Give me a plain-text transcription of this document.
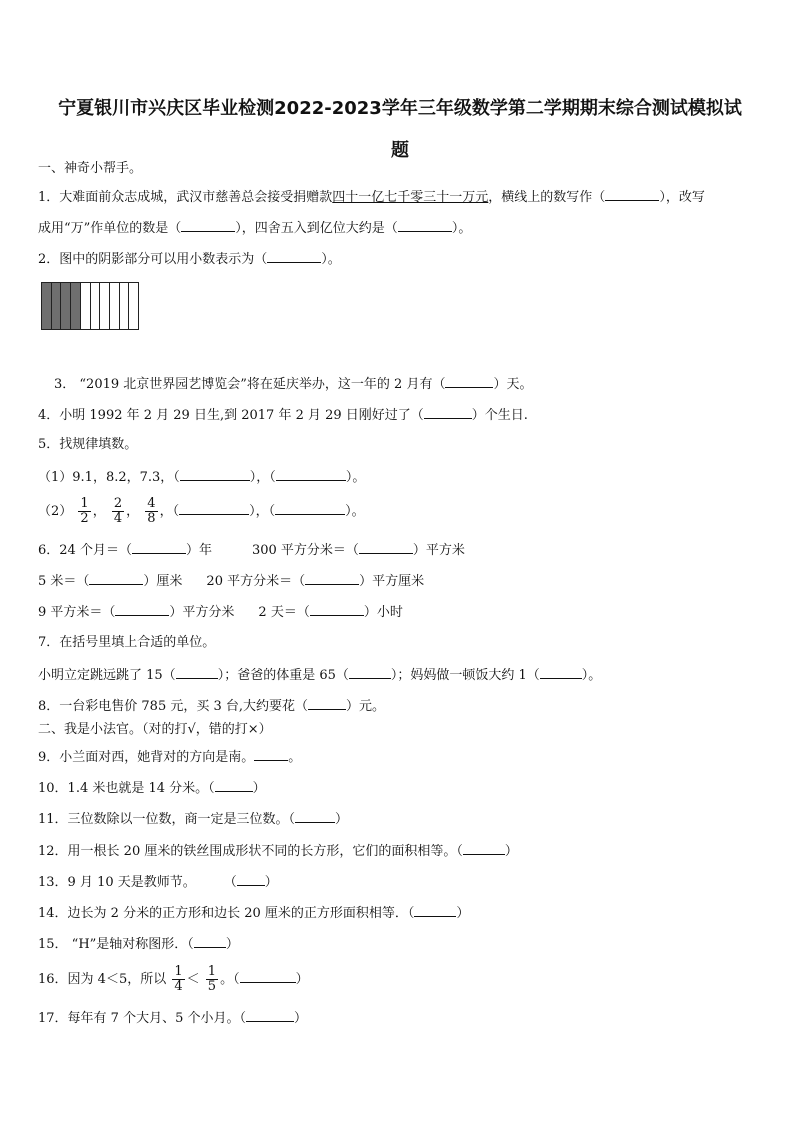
宁夏银川市兴庆区毕业检测2022-2023学年三年级数学第二学期期末综合测试模拟试
题
一、神奇小帮手。
1．大难面前众志成城，武汉市慈善总会接受捐赠款四十一亿七千零三十一万元，横线上的数写作（	），改写
成用“万”作单位的数是（	），四舍五入到亿位大约是（	）。
2．图中的阴影部分可以用小数表示为（	）。
3． “2019 北京世界园艺博览会”将在延庆举办，这一年的 2 月有（	）天。
4．小明 1992 年 2 月 29 日生,到 2017 年 2 月 29 日刚好过了（	）个生日.
5．找规律填数。
（1）9.1，8.2，7.3，（	），（	）。
$(2) \frac{1}{2}$ ， $\frac{2}{4}$ ， $\frac{4}{8}$ ，（	），（	）。
6．24 个月＝（	）年	300 平方分米＝（	）平方米
5 米＝（	）厘米 20 平方分米＝（	）平方厘米
9 平方米＝（	）平方分米 2 天＝（	）小时
7．在括号里填上合适的单位。
小明立定跳远跳了 15（	）；爸爸的体重是 65（	）；妈妈做一顿饭大约 1（	）。
8．一台彩电售价 785 元，买 3 台,大约要花（	）元。
二、我是小法官。（对的打√，错的打×）
9．小兰面对西，她背对的方向是南。	。
10．1.4 米也就是 14 分米。（	）
11．三位数除以一位数，商一定是三位数。（	）
12．用一根长 20 厘米的铁丝围成形状不同的长方形，它们的面积相等。（	）
13．9 月 10 天是教师节。 （ ）
14．边长为 2 分米的正方形和边长 20 厘米的正方形面积相等．（	）
15． “H”是轴对称图形．（ ）
16．因为 4＜5，所以 $\frac{1}{4} < \frac{1}{5}$ 。（	）
17．每年有 7 个大月、5 个小月。（	）
